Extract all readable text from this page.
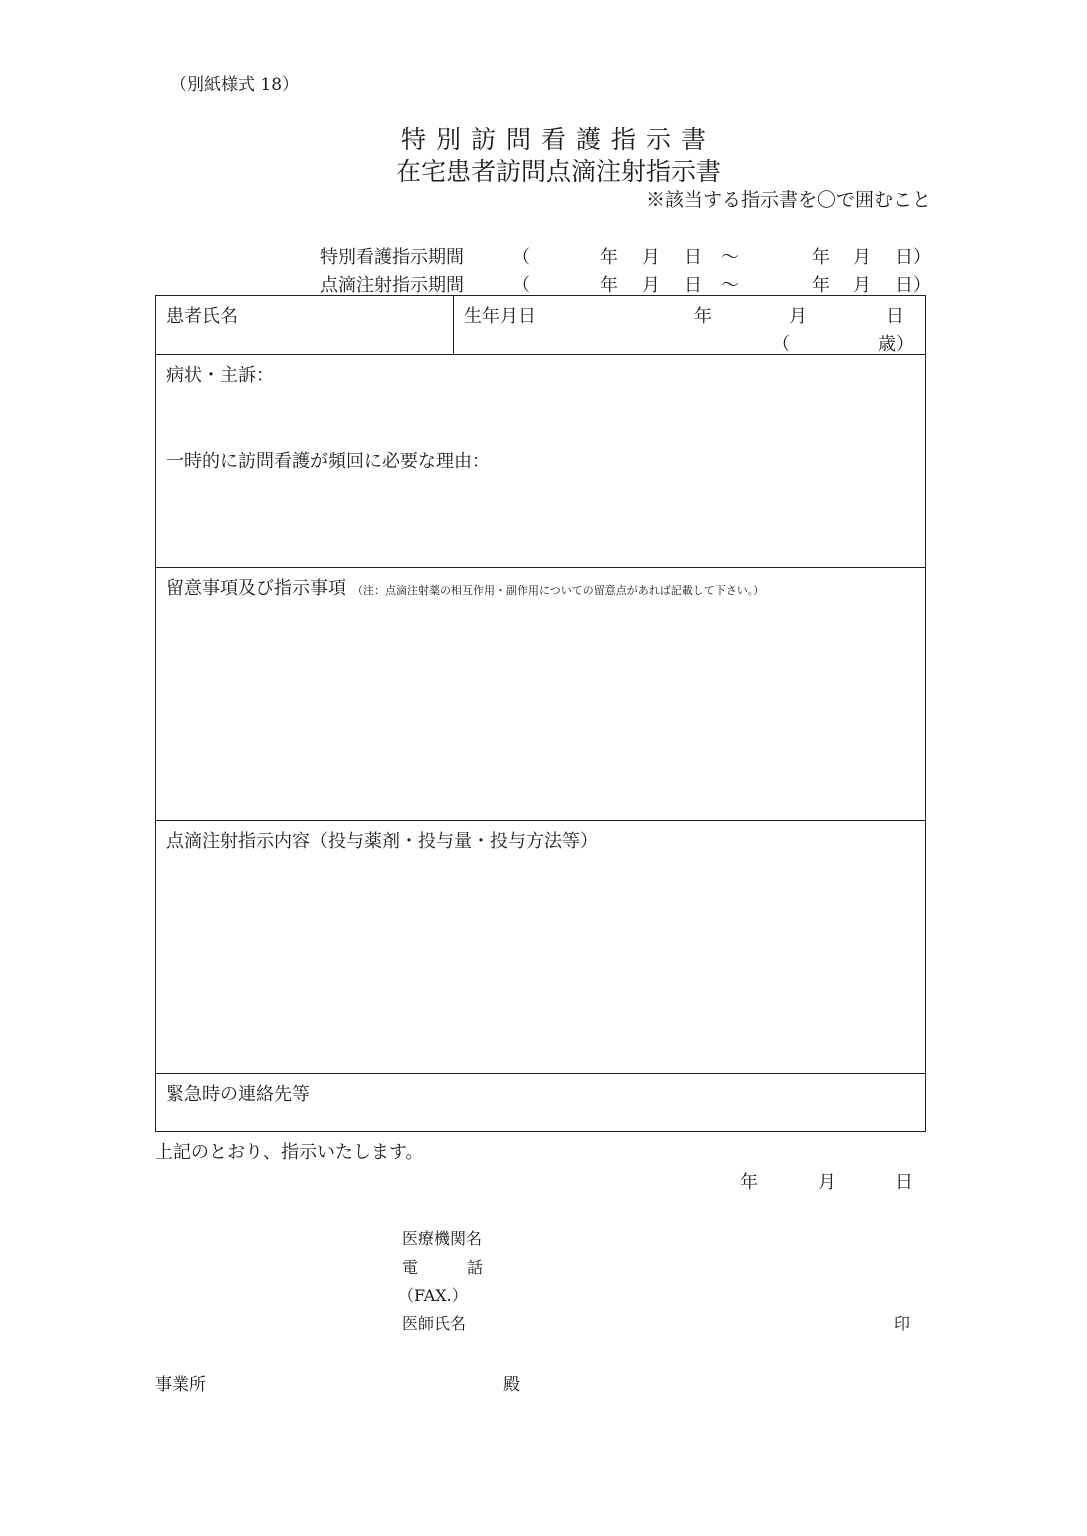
（別紙様式 18）
特別訪問看護指示書
在宅患者訪問点滴注射指示書
※該当する指示書を〇で囲むこと
特別看護指示期間	（	年 月 日 ～	年 月 日）
点滴注射指示期間	（	年 月 日 ～	年 月 日）
患者氏名	生年月日	年	月	日
（	歳）

病状・主訴：
一時的に訪問看護が頻回に必要な理由：

留意事項及び指示事項 （注：点滴注射薬の相互作用・副作用についての留意点があれば記載して下さい。）

点滴注射指示内容（投与薬剤・投与量・投与方法等）

緊急時の連絡先等
上記のとおり、指示いたします。
年	月	日
医療機関名
電	話
（FAX.）
医師氏名	印
事業所	殿
